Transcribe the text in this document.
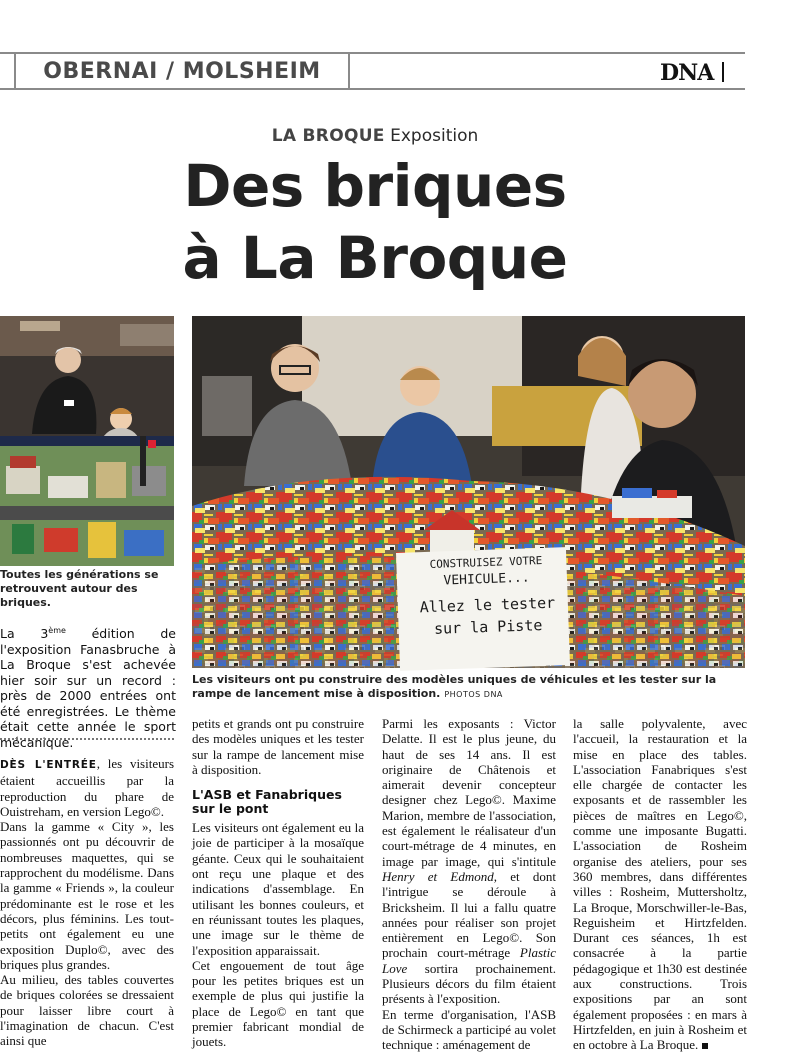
OBERNAI / MOLSHEIM	DNA
LA BROQUE Exposition
Des briques
à La Broque
CONSTRUISEZ VOTRE
VEHICULE...
Allez le tester
sur la Piste
Toutes les générations se retrouvent autour des briques.
Les visiteurs ont pu construire des modèles uniques de véhicules et les tester sur la rampe de lancement mise à disposition. PHOTOS DNA
La 3ème édition de l'exposition Fanasbruche à La Broque s'est achevée hier soir sur un record : près de 2000 entrées ont été enregistrées. Le thème était cette année le sport mécanique.

DÈS L'ENTRÉE, les visiteurs étaient accueillis par la reproduction du phare de Ouistreham, en version Lego©.

Dans la gamme « City », les passionnés ont pu découvrir de nombreuses maquettes, qui se rapprochent du modélisme. Dans la gamme « Friends », la couleur prédominante est le rose et les décors, plus féminins. Les tout-petits ont également eu une exposition Duplo©, avec des briques plus grandes.

Au milieu, des tables couvertes de briques colorées se dressaient pour laisser libre court à l'imagination de chacun. C'est ainsi que

petits et grands ont pu construire des modèles uniques et les tester sur la rampe de lancement mise à disposition.

L'ASB et Fanabriques sur le pont

Les visiteurs ont également eu la joie de participer à la mosaïque géante. Ceux qui le souhaitaient ont reçu une plaque et des indications d'assemblage. En utilisant les bonnes couleurs, et en réunissant toutes les plaques, une image sur le thème de l'exposition apparaissait.

Cet engouement de tout âge pour les petites briques est un exemple de plus qui justifie la place de Lego© en tant que premier fabricant mondial de jouets.

Parmi les exposants : Victor Delatte. Il est le plus jeune, du haut de ses 14 ans. Il est originaire de Châtenois et aimerait devenir concepteur designer chez Lego©. Maxime Marion, membre de l'association, est également le réalisateur d'un court-métrage de 4 minutes, en image par image, qui s'intitule Henry et Edmond, et dont l'intrigue se déroule à Bricksheim. Il lui a fallu quatre années pour réaliser son projet entièrement en Lego©. Son prochain court-métrage Plastic Love sortira prochainement. Plusieurs décors du film étaient présents à l'exposition.

En terme d'organisation, l'ASB de Schirmeck a participé au volet technique : aménagement de

la salle polyvalente, avec l'accueil, la restauration et la mise en place des tables. L'association Fanabriques s'est elle chargée de contacter les exposants et de rassembler les pièces de maîtres en Lego©, comme une imposante Bugatti. L'association de Rosheim organise des ateliers, pour ses 360 membres, dans différentes villes : Rosheim, Muttersholtz, La Broque, Morschwiller-le-Bas, Reguisheim et Hirtzfelden. Durant ces séances, 1h est consacrée à la partie pédagogique et 1h30 est destinée aux constructions. Trois expositions par an sont également proposées : en mars à Hirtzfelden, en juin à Rosheim et en octobre à La Broque.
